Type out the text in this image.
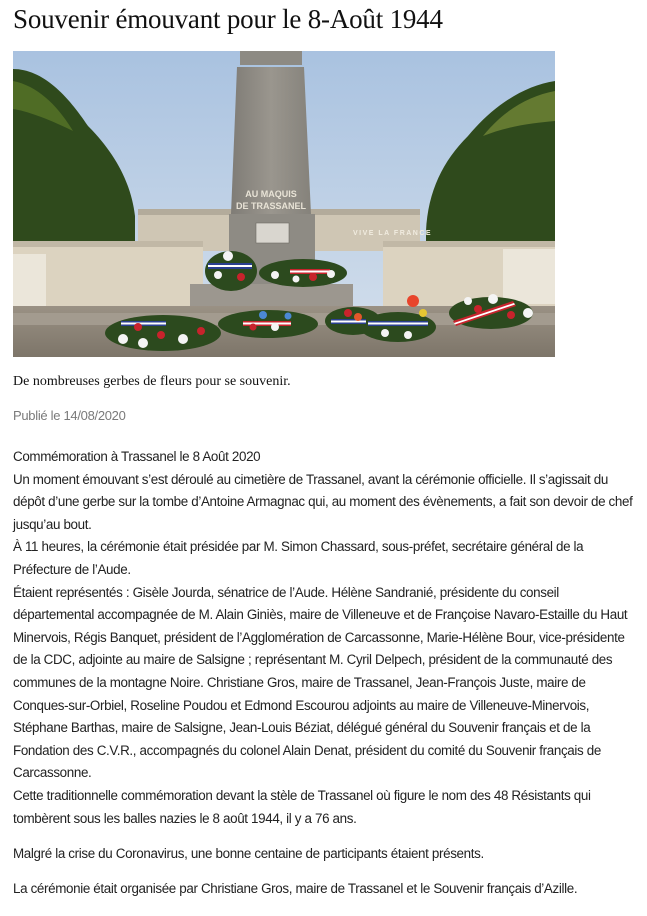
Souvenir émouvant pour le 8-Août 1944
AU MAQUIS
DE TRASSANEL
VIVE LA FRANCE

De nombreuses gerbes de fleurs pour se souvenir.

Publié le 14/08/2020

Commémoration à Trassanel le 8 Août 2020

Un moment émouvant s’est déroulé au cimetière de Trassanel, avant la cérémonie officielle. Il s’agissait du dépôt d’une gerbe sur la tombe d’Antoine Armagnac qui, au moment des évènements, a fait son devoir de chef jusqu’au bout.

À 11 heures, la cérémonie était présidée par M. Simon Chassard, sous-préfet, secrétaire général de la Préfecture de l’Aude.

Étaient représentés : Gisèle Jourda, sénatrice de l’Aude. Hélène Sandranié, présidente du conseil départemental accompagnée de M. Alain Giniès, maire de Villeneuve et de Françoise Navaro-Estaille du Haut Minervois, Régis Banquet, président de l’Agglomération de Carcassonne, Marie-Hélène Bour, vice-présidente de la CDC, adjointe au maire de Salsigne ; représentant M. Cyril Delpech, président de la communauté des communes de la montagne Noire. Christiane Gros, maire de Trassanel, Jean-François Juste, maire de Conques-sur-Orbiel, Roseline Poudou et Edmond Escourou adjoints au maire de Villeneuve-Minervois, Stéphane Barthas, maire de Salsigne, Jean-Louis Béziat, délégué général du Souvenir français et de la Fondation des C.V.R., accompagnés du colonel Alain Denat, président du comité du Souvenir français de Carcassonne.

Cette traditionnelle commémoration devant la stèle de Trassanel où figure le nom des 48 Résistants qui tombèrent sous les balles nazies le 8 août 1944, il y a 76 ans.

Malgré la crise du Coronavirus, une bonne centaine de participants étaient présents.

La cérémonie était organisée par Christiane Gros, maire de Trassanel et le Souvenir français d’Azille.
